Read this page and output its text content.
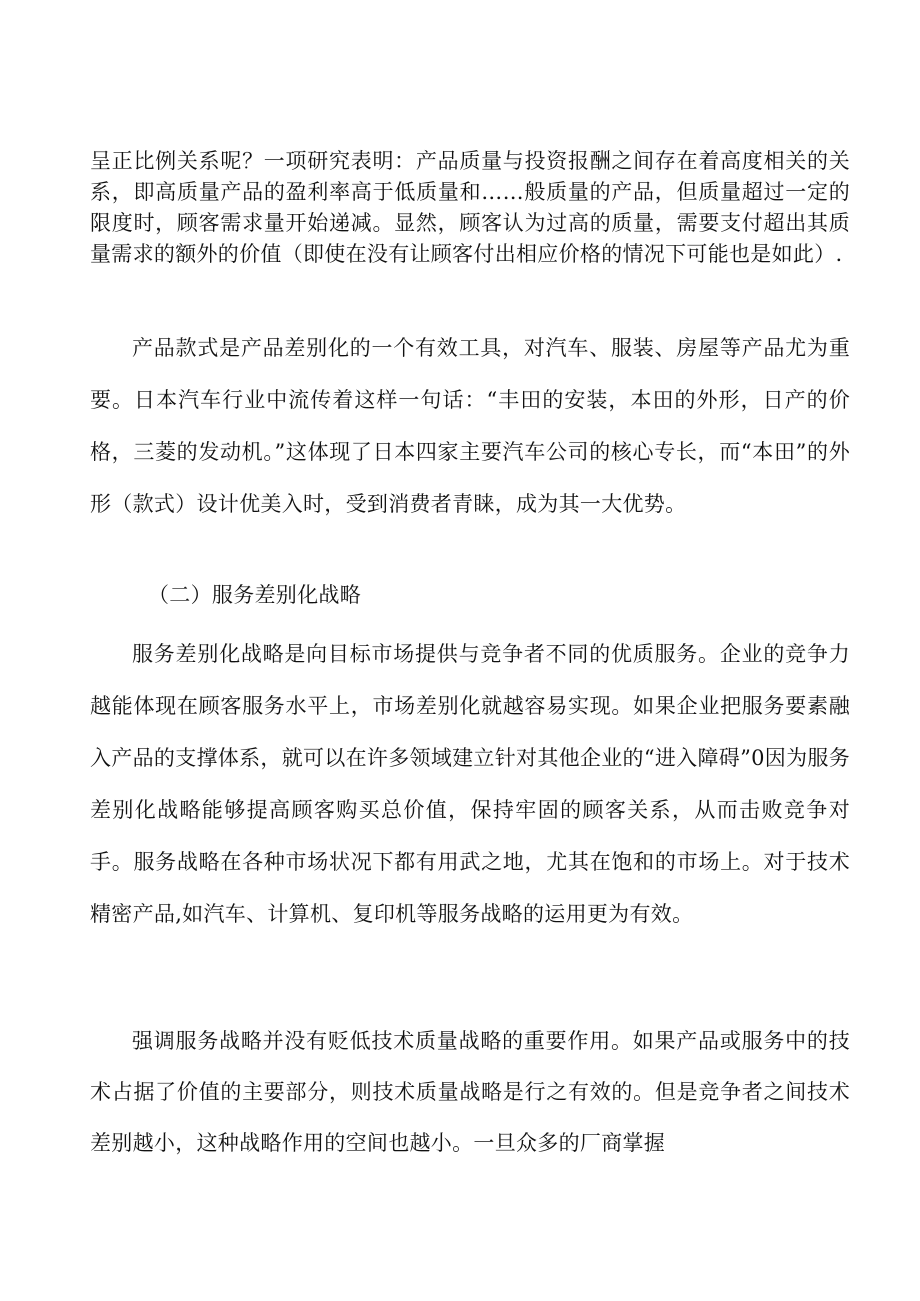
呈正比例关系呢？一项研究表明：产品质量与投资报酬之间存在着高度相关的关系，即高质量产品的盈利率高于低质量和……般质量的产品，但质量超过一定的限度时，顾客需求量开始递减。显然，顾客认为过高的质量，需要支付超出其质量需求的额外的价值（即使在没有让顾客付出相应价格的情况下可能也是如此）.

产品款式是产品差别化的一个有效工具，对汽车、服装、房屋等产品尤为重要。日本汽车行业中流传着这样一句话：“丰田的安装，本田的外形，日产的价格，三菱的发动机。”这体现了日本四家主要汽车公司的核心专长，而“本田”的外形（款式）设计优美入时，受到消费者青睐，成为其一大优势。

（二）服务差别化战略

服务差别化战略是向目标市场提供与竞争者不同的优质服务。企业的竞争力越能体现在顾客服务水平上，市场差别化就越容易实现。如果企业把服务要素融入产品的支撑体系，就可以在许多领域建立针对其他企业的“进入障碍”0因为服务差别化战略能够提高顾客购买总价值，保持牢固的顾客关系，从而击败竞争对手。服务战略在各种市场状况下都有用武之地，尤其在饱和的市场上。对于技术精密产品,如汽车、计算机、复印机等服务战略的运用更为有效。

强调服务战略并没有贬低技术质量战略的重要作用。如果产品或服务中的技术占据了价值的主要部分，则技术质量战略是行之有效的。但是竞争者之间技术差别越小，这种战略作用的空间也越小。一旦众多的厂商掌握
